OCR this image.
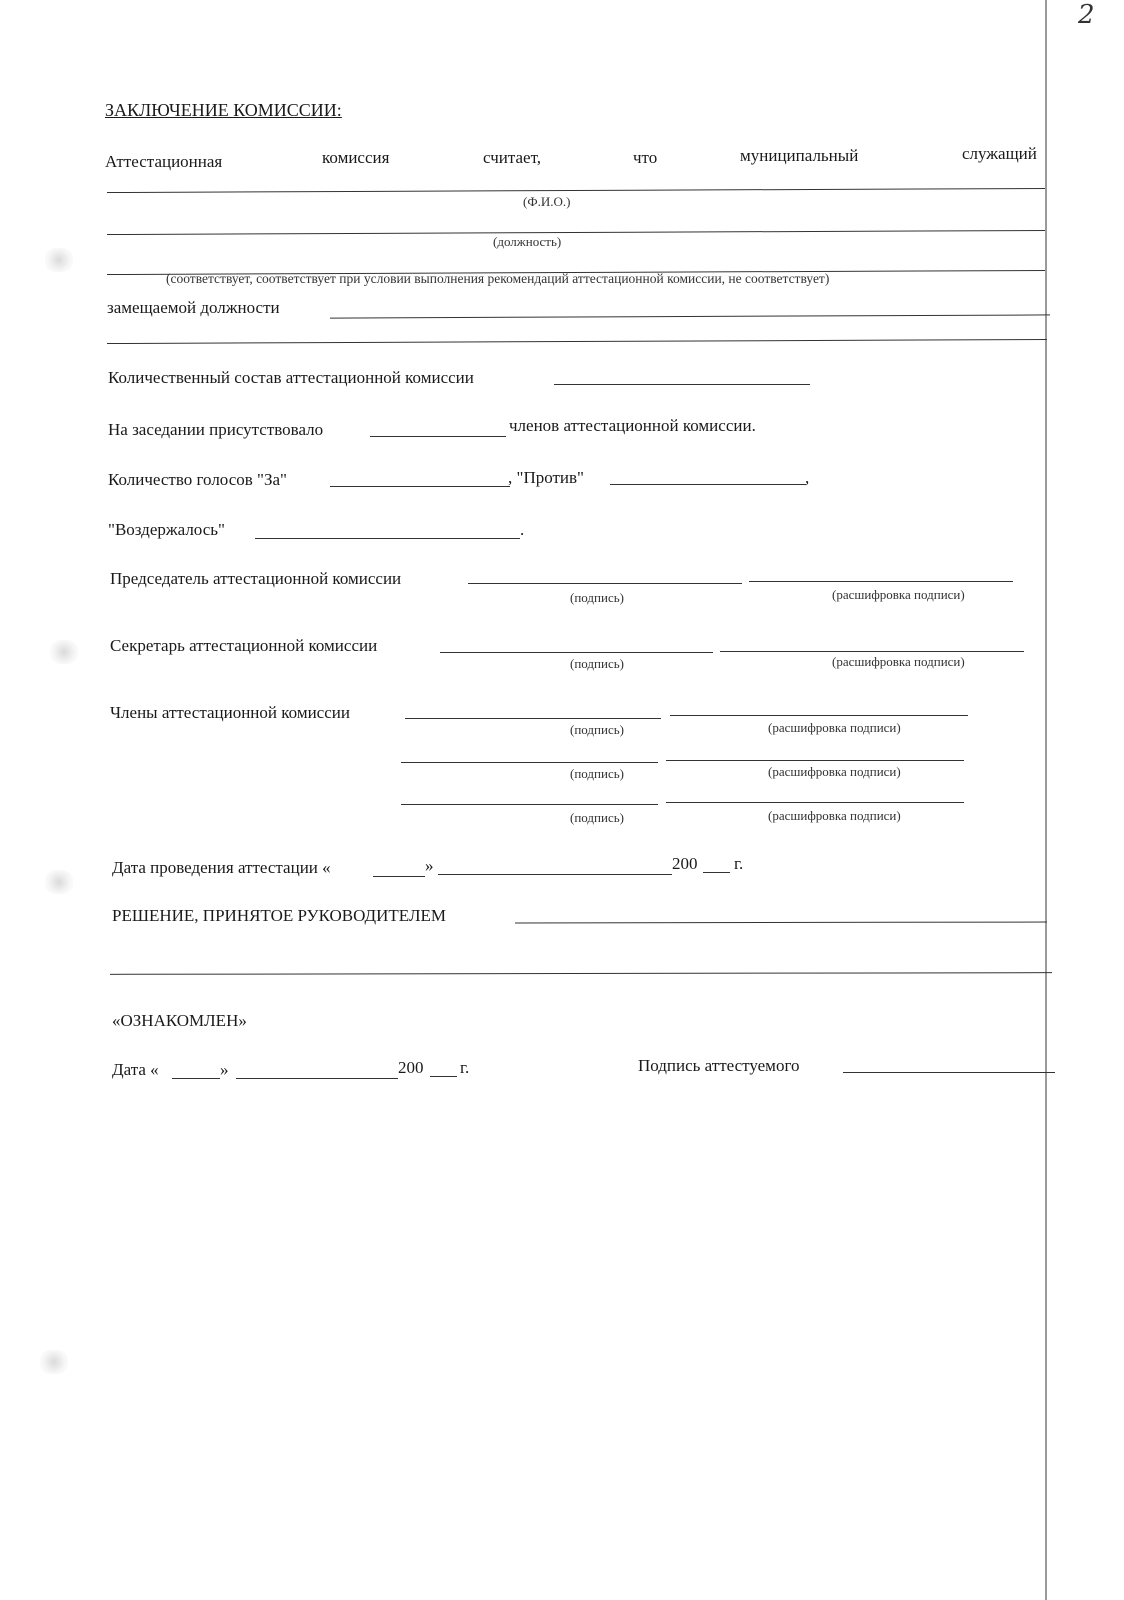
2
ЗАКЛЮЧЕНИЕ КОМИССИИ:
Аттестационная	комиссия	считает,	что	муниципальный	служащий
(Ф.И.О.)
(должность)
(соответствует, соответствует при условии выполнения рекомендаций аттестационной комиссии, не соответствует)
замещаемой должности
Количественный состав аттестационной комиссии
На заседании присутствовало	членов аттестационной комиссии.
Количество голосов "За"	, "Против"	,
"Воздержалось"	.
Председатель аттестационной комиссии
(подпись)	(расшифровка подписи)
Секретарь аттестационной комиссии
(подпись)	(расшифровка подписи)
Члены аттестационной комиссии
(подпись)	(расшифровка подписи)
(подпись)	(расшифровка подписи)
(подпись)	(расшифровка подписи)
Дата проведения аттестации «	»	200 г.
РЕШЕНИЕ, ПРИНЯТОЕ РУКОВОДИТЕЛЕМ
«ОЗНАКОМЛЕН»
Дата «	»	200 г.	Подпись аттестуемого
